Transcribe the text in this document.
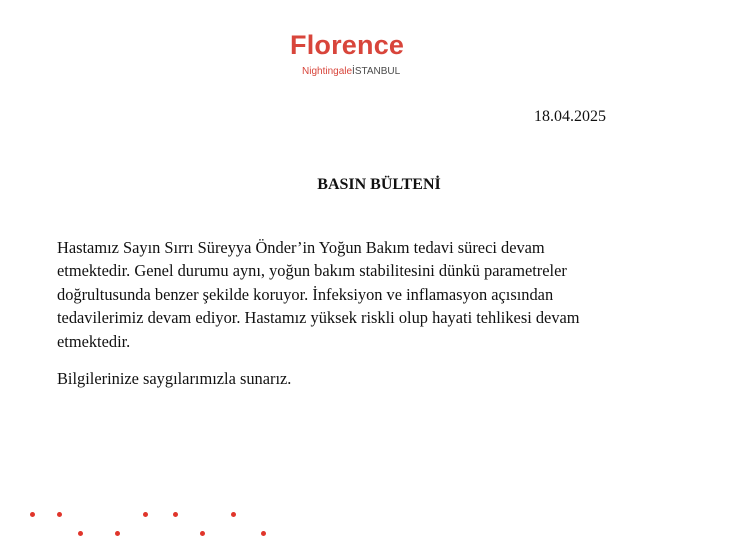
Florence
NightingaleİSTANBUL
18.04.2025
BASIN BÜLTENİ

Hastamız Sayın Sırrı Süreyya Önder’in Yoğun Bakım tedavi süreci devam
etmektedir. Genel durumu aynı, yoğun bakım stabilitesini dünkü parametreler
doğrultusunda benzer şekilde koruyor. İnfeksiyon ve inflamasyon açısından
tedavilerimiz devam ediyor. Hastamız yüksek riskli olup hayati tehlikesi devam
etmektedir.

Bilgilerinize saygılarımızla sunarız.
